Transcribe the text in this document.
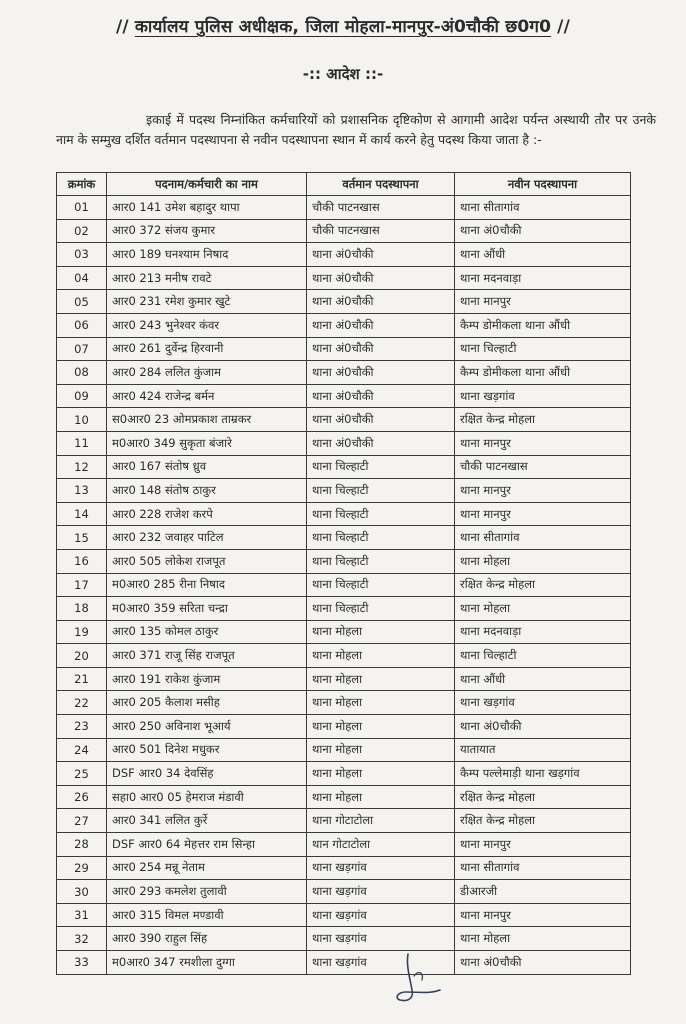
// कार्यालय पुलिस अधीक्षक, जिला मोहला-मानपुर-अं0चौकी छ0ग0 //
-:: आदेश ::-
इकाई में पदस्थ निम्नांकित कर्मचारियों को प्रशासनिक दृष्टिकोण से आगामी आदेश पर्यन्त अस्थायी तौर पर उनके नाम के सम्मुख दर्शित वर्तमान पदस्थापना से नवीन पदस्थापना स्थान में कार्य करने हेतु पदस्थ किया जाता है :-
क्रमांक	पदनाम/कर्मचारी का नाम	वर्तमान पदस्थापना	नवीन पदस्थापना
01	आर0 141 उमेश बहादुर थापा	चौकी पाटनखास	थाना सीतागांव
02	आर0 372 संजय कुमार	चौकी पाटनखास	थाना अं0चौकी
03	आर0 189 घनश्याम निषाद	थाना अं0चौकी	थाना औंधी
04	आर0 213 मनीष रावटे	थाना अं0चौकी	थाना मदनवाड़ा
05	आर0 231 रमेश कुमार खुटे	थाना अं0चौकी	थाना मानपुर
06	आर0 243 भुनेश्वर कंवर	थाना अं0चौकी	कैम्प डोमीकला थाना औंधी
07	आर0 261 दुर्वेन्द्र हिरवानी	थाना अं0चौकी	थाना चिल्हाटी
08	आर0 284 ललित कुंजाम	थाना अं0चौकी	कैम्प डोमीकला थाना औंधी
09	आर0 424 राजेन्द्र बर्मन	थाना अं0चौकी	थाना खड़गांव
10	स0आर0 23 ओमप्रकाश ताम्रकर	थाना अं0चौकी	रक्षित केन्द्र मोहला
11	म0आर0 349 सुकृता बंजारे	थाना अं0चौकी	थाना मानपुर
12	आर0 167 संतोष ध्रुव	थाना चिल्हाटी	चौकी पाटनखास
13	आर0 148 संतोष ठाकुर	थाना चिल्हाटी	थाना मानपुर
14	आर0 228 राजेश करपे	थाना चिल्हाटी	थाना मानपुर
15	आर0 232 जवाहर पाटिल	थाना चिल्हाटी	थाना सीतागांव
16	आर0 505 लोकेश राजपूत	थाना चिल्हाटी	थाना मोहला
17	म0आर0 285 रीना निषाद	थाना चिल्हाटी	रक्षित केन्द्र मोहला
18	म0आर0 359 सरिता चन्द्रा	थाना चिल्हाटी	थाना मोहला
19	आर0 135 कोमल ठाकुर	थाना मोहला	थाना मदनवाड़ा
20	आर0 371 राजू सिंह राजपूत	थाना मोहला	थाना चिल्हाटी
21	आर0 191 राकेश कुंजाम	थाना मोहला	थाना औंधी
22	आर0 205 कैलाश मसीह	थाना मोहला	थाना खड़गांव
23	आर0 250 अविनाश भूआर्य	थाना मोहला	थाना अं0चौकी
24	आर0 501 दिनेश मधुकर	थाना मोहला	यातायात
25	DSF आर0 34 देवसिंह	थाना मोहला	कैम्प पल्लेमाड़ी थाना खड़गांव
26	सहा0 आर0 05 हेमराज मंडावी	थाना मोहला	रक्षित केन्द्र मोहला
27	आर0 341 ललित कुर्रे	थाना गोटाटोला	रक्षित केन्द्र मोहला
28	DSF आर0 64 मेहत्तर राम सिन्हा	थान गोटाटोला	थाना मानपुर
29	आर0 254 मन्नू नेताम	थाना खड़गांव	थाना सीतागांव
30	आर0 293 कमलेश तुलावी	थाना खड़गांव	डीआरजी
31	आर0 315 विमल मण्डावी	थाना खड़गांव	थाना मानपुर
32	आर0 390 राहुल सिंह	थाना खड़गांव	थाना मोहला
33	म0आर0 347 रमशीला दुग्गा	थाना खड़गांव	थाना अं0चौकी
